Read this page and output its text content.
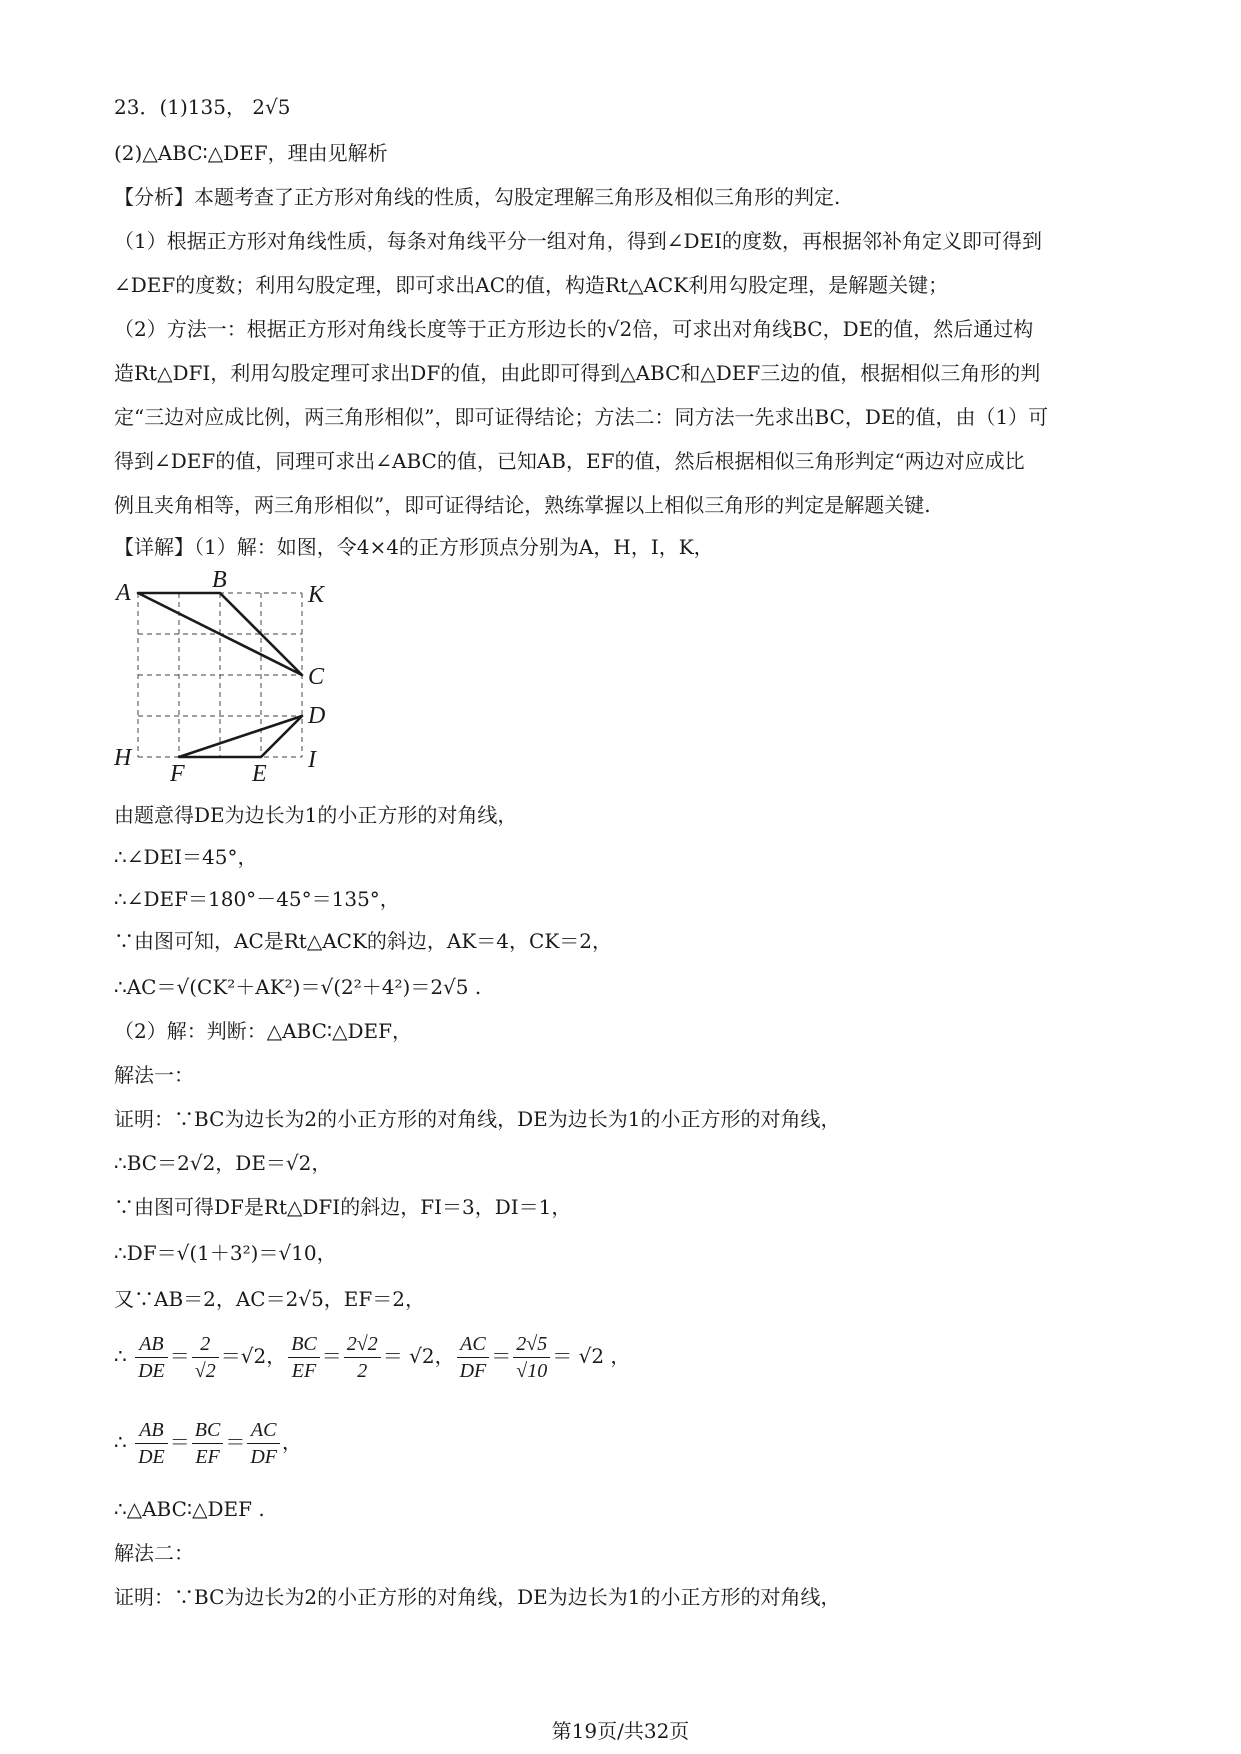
23．(1)135， 2√5
(2)△ABC∶△DEF，理由见解析
【分析】本题考查了正方形对角线的性质，勾股定理解三角形及相似三角形的判定.
（1）根据正方形对角线性质，每条对角线平分一组对角，得到∠DEI的度数，再根据邻补角定义即可得到
∠DEF的度数；利用勾股定理，即可求出AC的值，构造Rt△ACK利用勾股定理，是解题关键；
（2）方法一：根据正方形对角线长度等于正方形边长的√2倍，可求出对角线BC，DE的值，然后通过构
造Rt△DFI，利用勾股定理可求出DF的值，由此即可得到△ABC和△DEF三边的值，根据相似三角形的判
定“三边对应成比例，两三角形相似”，即可证得结论；方法二：同方法一先求出BC，DE的值，由（1）可
得到∠DEF的值，同理可求出∠ABC的值，已知AB，EF的值，然后根据相似三角形判定“两边对应成比
例且夹角相等，两三角形相似”，即可证得结论，熟练掌握以上相似三角形的判定是解题关键.
【详解】（1）解：如图，令4×4的正方形顶点分别为A，H，I，K，
由题意得DE为边长为1的小正方形的对角线，
∴∠DEI＝45°，
∴∠DEF＝180°－45°＝135°，
∵由图可知，AC是Rt△ACK的斜边，AK＝4，CK＝2，
∴AC＝√(CK²＋AK²)＝√(2²＋4²)＝2√5 .
（2）解：判断：△ABC∶△DEF，
解法一：
证明：∵BC为边长为2的小正方形的对角线，DE为边长为1的小正方形的对角线，
∴BC＝2√2，DE＝√2，
∵由图可得DF是Rt△DFI的斜边，FI＝3，DI＝1，
∴DF＝√(1＋3²)＝√10，
又∵AB＝2，AC＝2√5，EF＝2，
∴△ABC∶△DEF .
解法二：
证明：∵BC为边长为2的小正方形的对角线，DE为边长为1的小正方形的对角线，
∴ $\frac{AB}{DE} = \frac{2}{√2} =√2$， $\frac{BC}{EF} = \frac{2√2}{2} = √2$， $\frac{AC}{DF} = \frac{2√5}{√10} = √2$ ，
∴ $\frac{AB}{DE} = \frac{BC}{EF} = \frac{AC}{DF}$ ，
A	B
K
C
D
H
F	E
I
第19页/共32页
